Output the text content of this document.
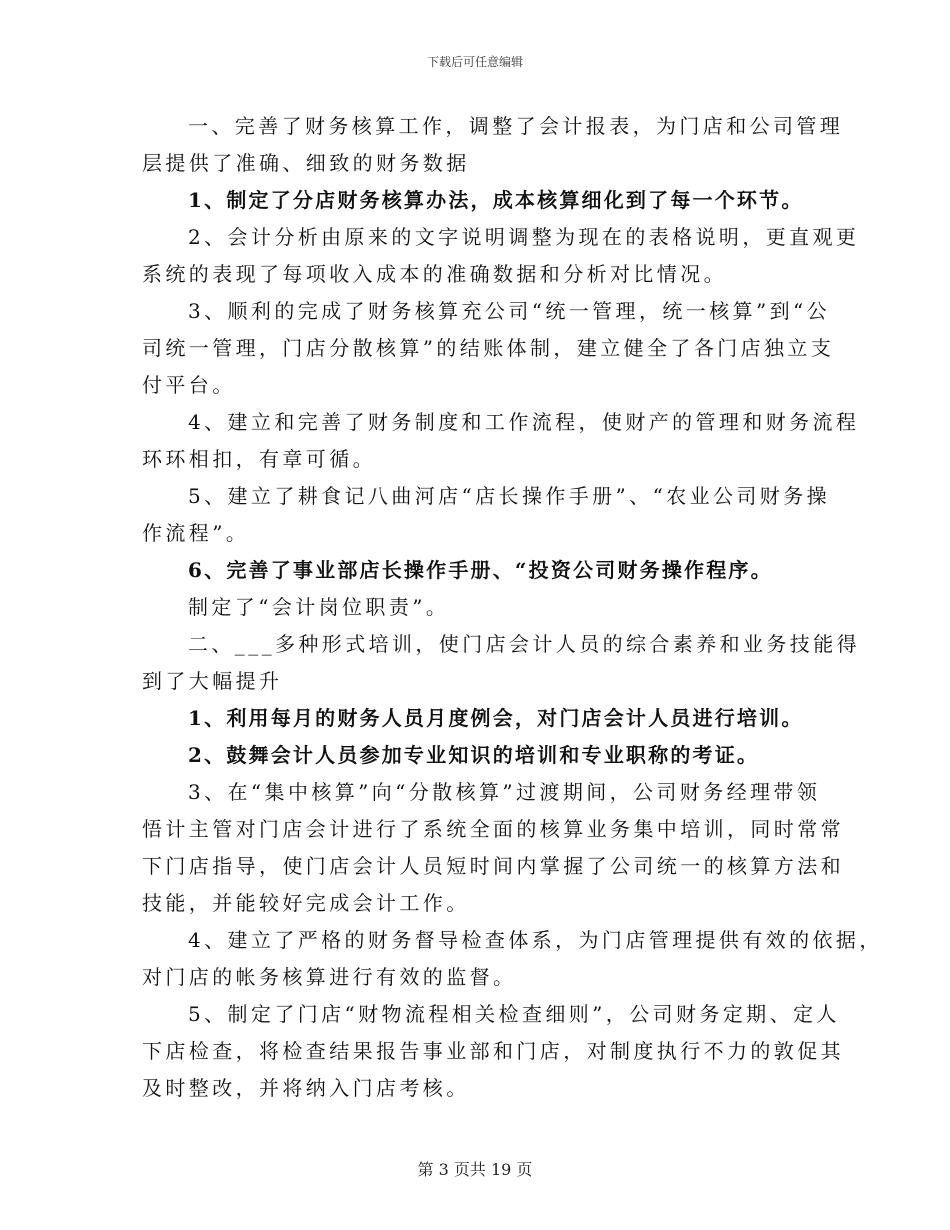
下载后可任意编辑
一、完善了财务核算工作，调整了会计报表，为门店和公司管理
层提供了准确、细致的财务数据
1、制定了分店财务核算办法，成本核算细化到了每一个环节。
2、会计分析由原来的文字说明调整为现在的表格说明，更直观更
系统的表现了每项收入成本的准确数据和分析对比情况。
3、顺利的完成了财务核算充公司“统一管理，统一核算”到“公
司统一管理，门店分散核算”的结账体制，建立健全了各门店独立支
付平台。
4、建立和完善了财务制度和工作流程，使财产的管理和财务流程
环环相扣，有章可循。
5、建立了耕食记八曲河店“店长操作手册”、“农业公司财务操
作流程”。
6、完善了事业部店长操作手册、“投资公司财务操作程序。
制定了“会计岗位职责”。
二、___多种形式培训，使门店会计人员的综合素养和业务技能得
到了大幅提升
1、利用每月的财务人员月度例会，对门店会计人员进行培训。
2、鼓舞会计人员参加专业知识的培训和专业职称的考证。
3、在“集中核算”向“分散核算”过渡期间，公司财务经理带领
悟计主管对门店会计进行了系统全面的核算业务集中培训，同时常常
下门店指导，使门店会计人员短时间内掌握了公司统一的核算方法和
技能，并能较好完成会计工作。
4、建立了严格的财务督导检查体系，为门店管理提供有效的依据，
对门店的帐务核算进行有效的监督。
5、制定了门店“财物流程相关检查细则”，公司财务定期、定人
下店检查，将检查结果报告事业部和门店，对制度执行不力的敦促其
及时整改，并将纳入门店考核。
第 3 页共 19 页
